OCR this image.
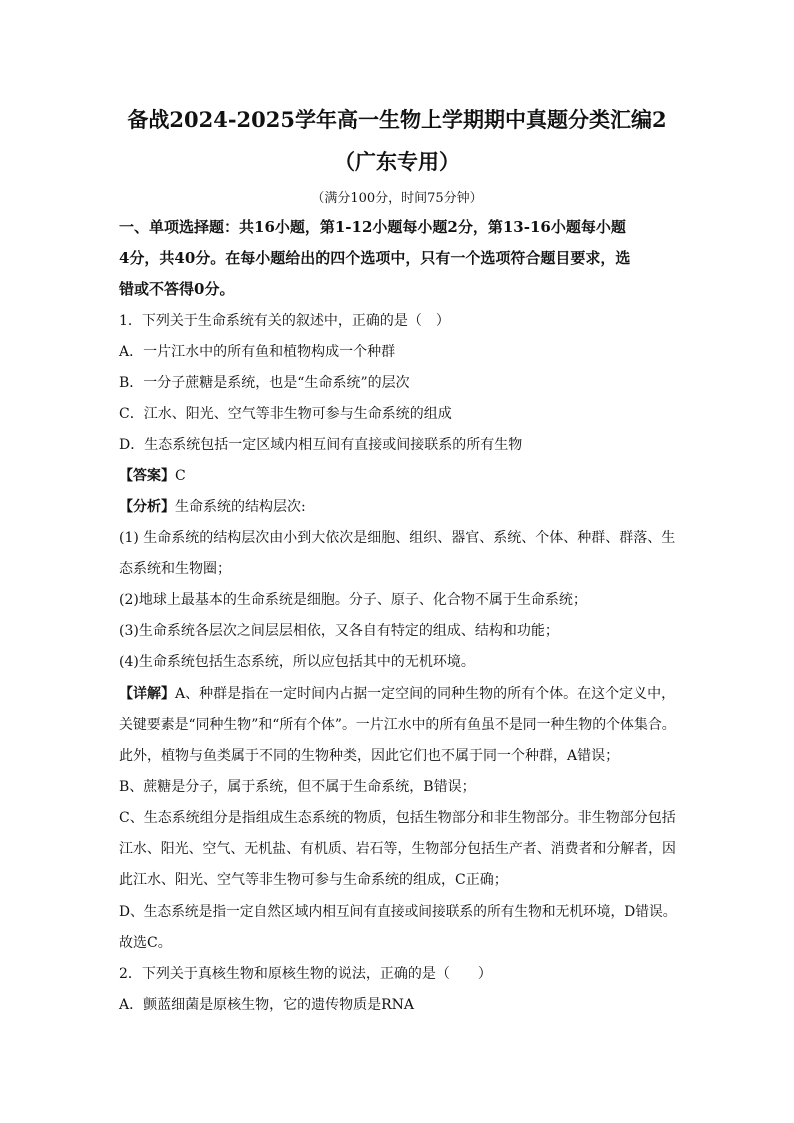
备战2024-2025学年高一生物上学期期中真题分类汇编2
（广东专用）
（满分100分，时间75分钟）
一、单项选择题：共16小题，第1-12小题每小题2分，第13-16小题每小题
4分，共40分。在每小题给出的四个选项中，只有一个选项符合题目要求，选
错或不答得0分。
1．下列关于生命系统有关的叙述中，正确的是（　）
A．一片江水中的所有鱼和植物构成一个种群
B．一分子蔗糖是系统，也是“生命系统”的层次
C．江水、阳光、空气等非生物可参与生命系统的组成
D．生态系统包括一定区域内相互间有直接或间接联系的所有生物
【答案】C
【分析】生命系统的结构层次:
(1) 生命系统的结构层次由小到大依次是细胞、组织、器官、系统、个体、种群、群落、生
态系统和生物圈；
(2)地球上最基本的生命系统是细胞。分子、原子、化合物不属于生命系统；
(3)生命系统各层次之间层层相依，又各自有特定的组成、结构和功能；
(4)生命系统包括生态系统，所以应包括其中的无机环境。
【详解】A、种群是指在一定时间内占据一定空间的同种生物的所有个体。在这个定义中，
关键要素是“同种生物”和“所有个体”。一片江水中的所有鱼虽不是同一种生物的个体集合。
此外，植物与鱼类属于不同的生物种类，因此它们也不属于同一个种群，A错误；
B、蔗糖是分子，属于系统，但不属于生命系统，B错误；
C、生态系统组分是指组成生态系统的物质，包括生物部分和非生物部分。非生物部分包括
江水、阳光、空气、无机盐、有机质、岩石等，生物部分包括生产者、消费者和分解者，因
此江水、阳光、空气等非生物可参与生命系统的组成，C正确；
D、生态系统是指一定自然区域内相互间有直接或间接联系的所有生物和无机环境，D错误。
故选C。
2．下列关于真核生物和原核生物的说法，正确的是（　　）
A．颤蓝细菌是原核生物，它的遗传物质是RNA
